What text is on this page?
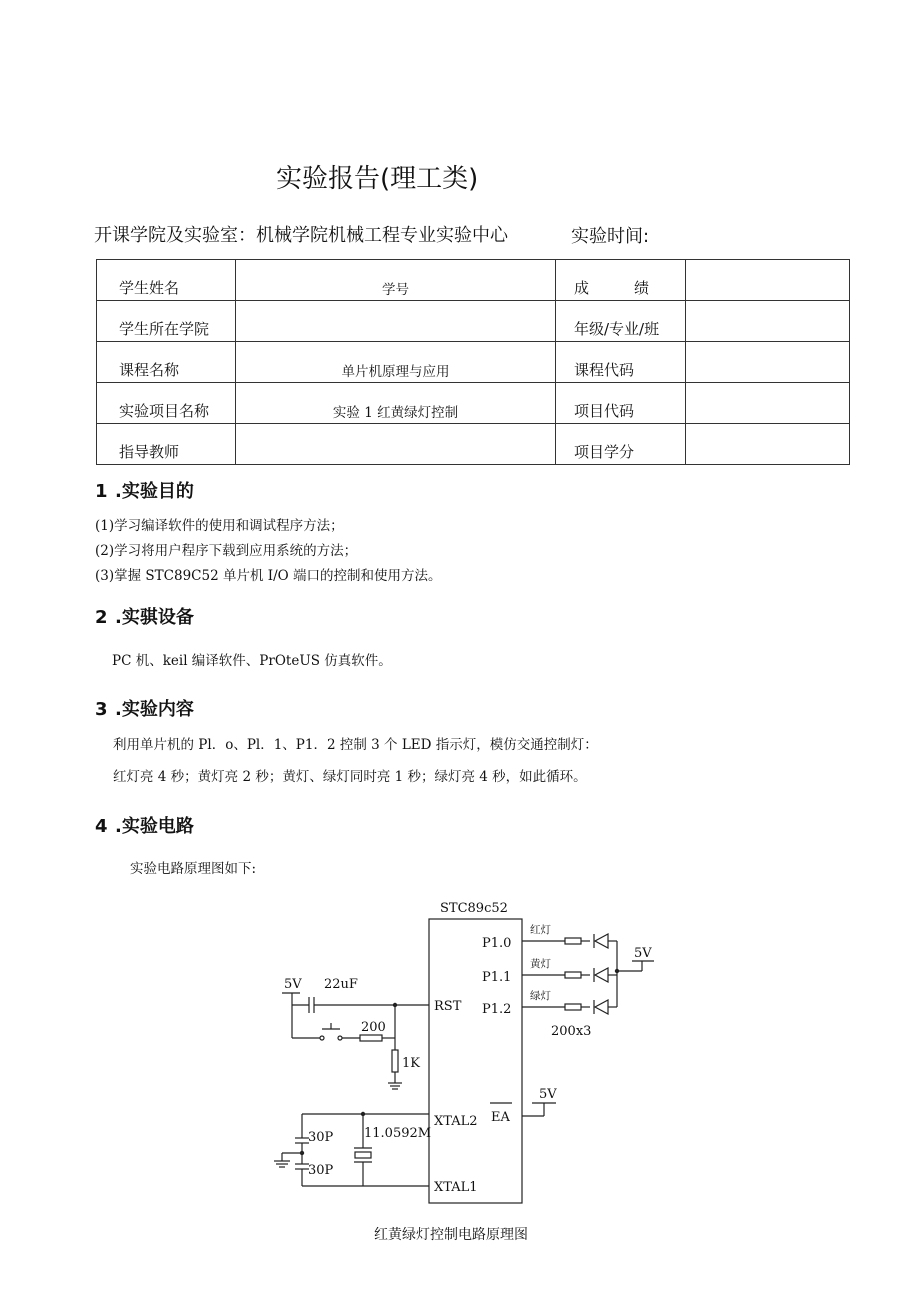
实验报告(理工类)
开课学院及实验室：机械学院机械工程专业实验中心	实验时间:
学生姓名	学号	成　　　绩	
学生所在学院		年级/专业/班	
课程名称	单片机原理与应用	课程代码	
实验项目名称	实验 1 红黄绿灯控制	项目代码	
指导教师		项目学分	
1 .实验目的
(1)学习编译软件的使用和调试程序方法；
(2)学习将用户程序下载到应用系统的方法；
(3)掌握 STC89C52 单片机 I/O 端口的控制和使用方法。
2 .实骐设备
PC 机、keil 编译软件、PrOteUS 仿真软件。
3 .实验内容
利用单片机的 Pl．o、Pl．1、P1．2 控制 3 个 LED 指示灯，模仿交通控制灯：
红灯亮 4 秒；黄灯亮 2 秒；黄灯、绿灯同时亮 1 秒；绿灯亮 4 秒，如此循环。
4 .实验电路
实验电路原理图如下:
STC89c52
P1.0
P1.1
P1.2
RST
EA
XTAL2
XTAL1
红灯
黄灯
绿灯
5V
200x3
5V 22uF
200
1K
5V
11.0592M
30P
30P
红黄绿灯控制电路原理图
